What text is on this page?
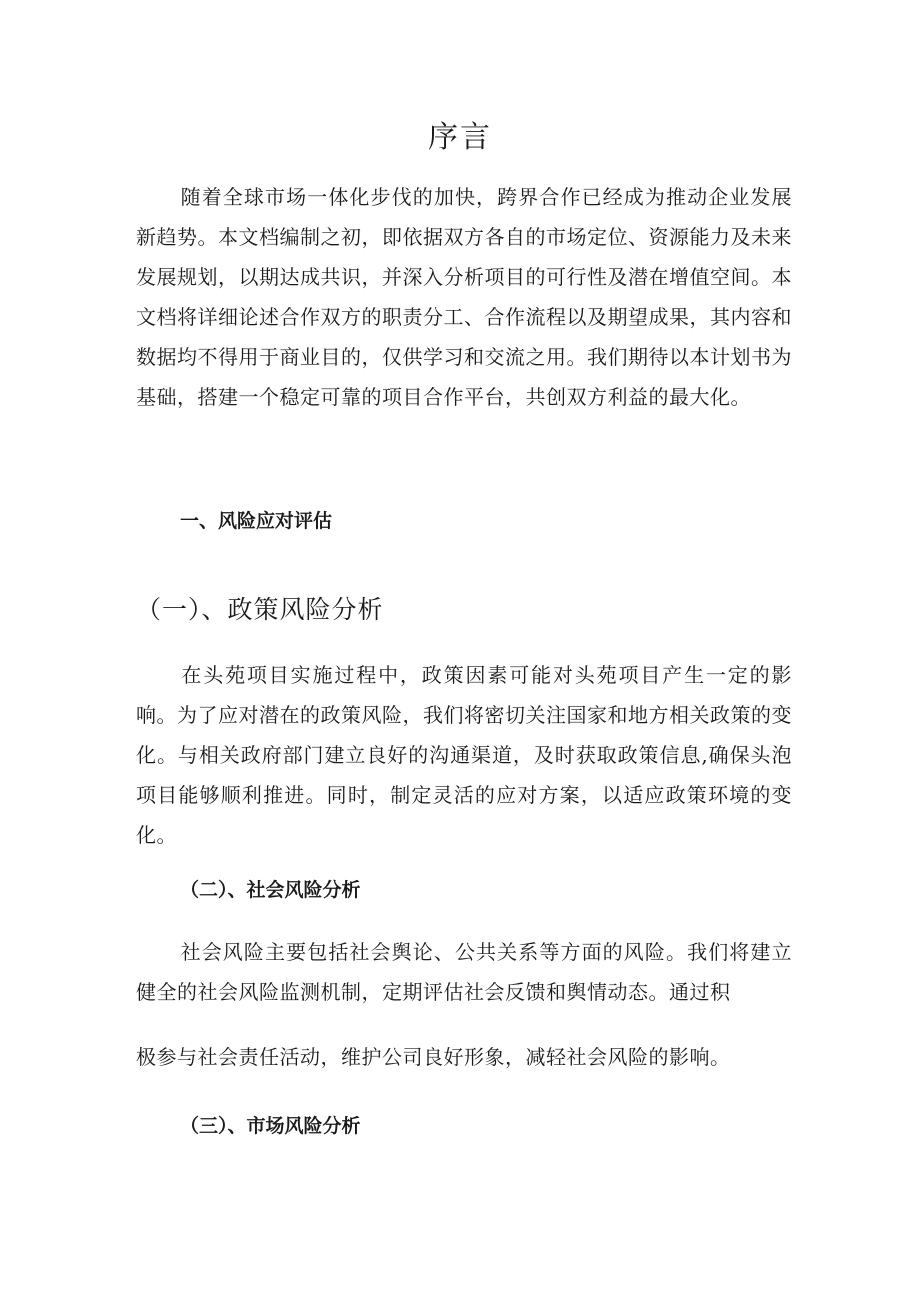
序言

随着全球市场一体化步伐的加快，跨界合作已经成为推动企业发展新趋势。本文档编制之初，即依据双方各自的市场定位、资源能力及未来发展规划，以期达成共识，并深入分析项目的可行性及潜在增值空间。本文档将详细论述合作双方的职责分工、合作流程以及期望成果，其内容和数据均不得用于商业目的，仅供学习和交流之用。我们期待以本计划书为基础，搭建一个稳定可靠的项目合作平台，共创双方利益的最大化。

一、风险应对评估
（一）、政策风险分析

在头苑项目实施过程中，政策因素可能对头苑项目产生一定的影响。为了应对潜在的政策风险，我们将密切关注国家和地方相关政策的变化。与相关政府部门建立良好的沟通渠道，及时获取政策信息,确保头泡项目能够顺利推进。同时，制定灵活的应对方案，以适应政策环境的变化。

（二）、社会风险分析

社会风险主要包括社会舆论、公共关系等方面的风险。我们将建立健全的社会风险监测机制，定期评估社会反馈和舆情动态。通过积

极参与社会责任活动，维护公司良好形象，减轻社会风险的影响。

（三）、市场风险分析
